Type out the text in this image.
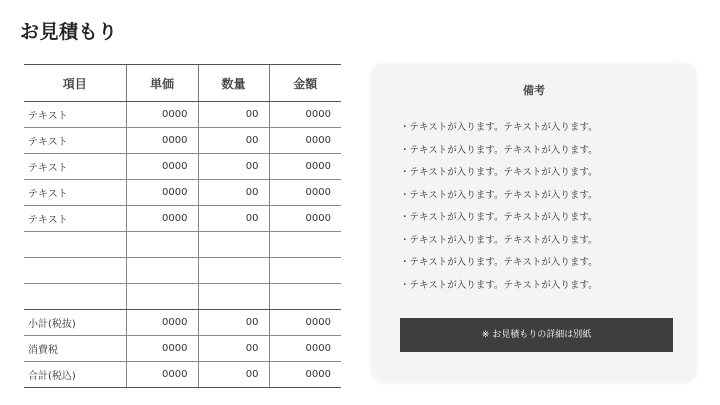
お見積もり
項目	単価	数量	金額
テキスト	0000	00	0000
テキスト	0000	00	0000
テキスト	0000	00	0000
テキスト	0000	00	0000
テキスト	0000	00	0000

小計(税抜)	0000	00	0000
消費税	0000	00	0000
合計(税込)	0000	00	0000
備考
・テキストが入ります。テキストが入ります。
・テキストが入ります。テキストが入ります。
・テキストが入ります。テキストが入ります。
・テキストが入ります。テキストが入ります。
・テキストが入ります。テキストが入ります。
・テキストが入ります。テキストが入ります。
・テキストが入ります。テキストが入ります。
・テキストが入ります。テキストが入ります。
※ お見積もりの詳細は別紙
